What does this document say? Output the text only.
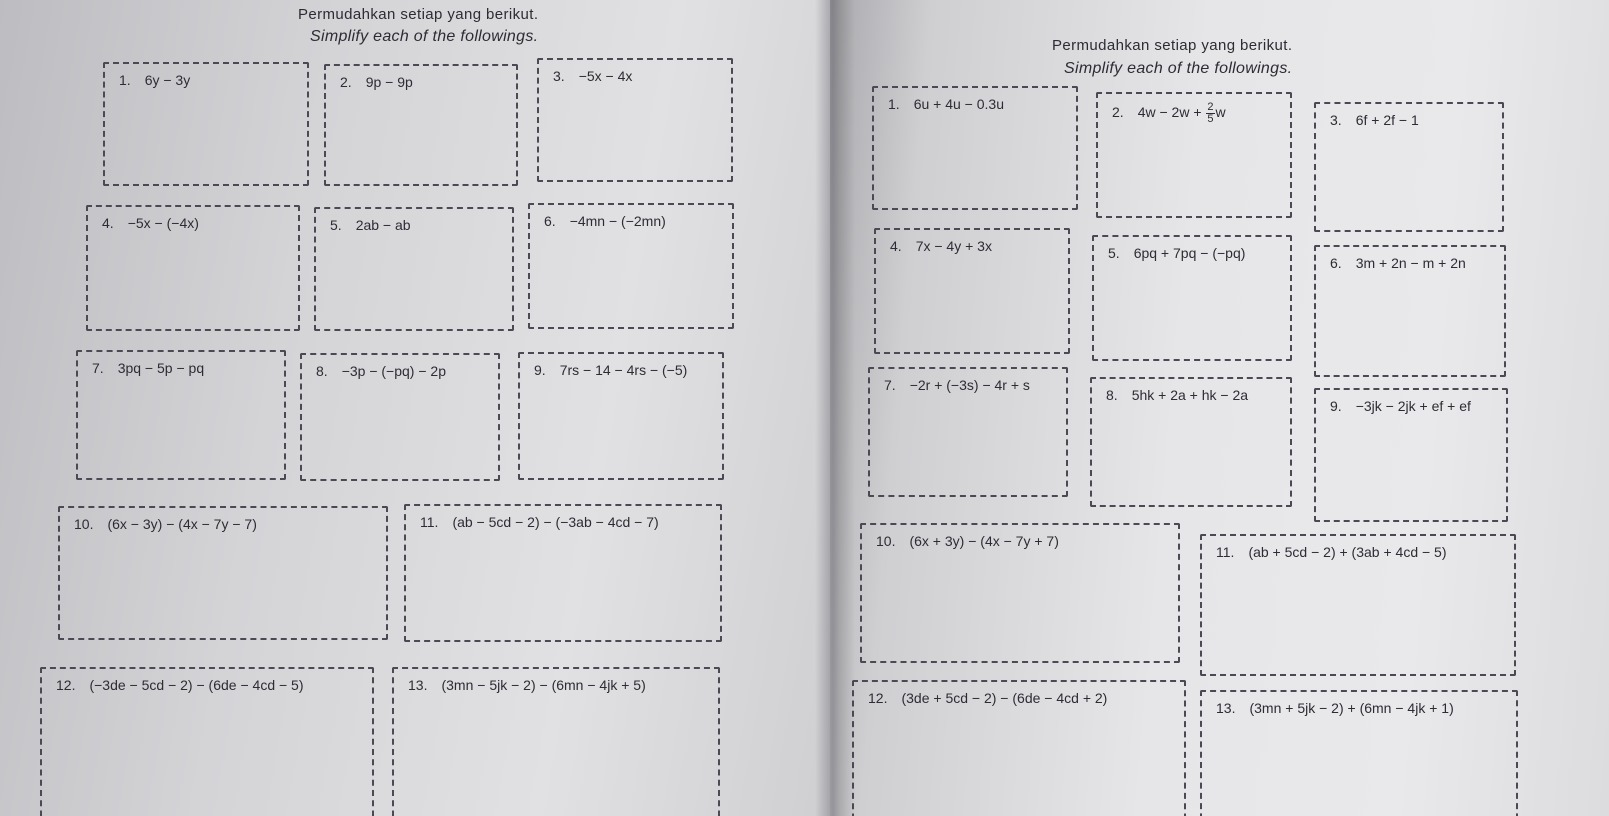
Permudahkan setiap yang berikut.
Simplify each of the followings.
1. 6y − 3y	2. 9p − 9p	3. −5x − 4x
4. −5x − (−4x)	5. 2ab − ab	6. −4mn − (−2mn)
7. 3pq − 5p − pq	8. −3p − (−pq) − 2p	9. 7rs − 14 − 4rs − (−5)
10. (6x − 3y) − (4x − 7y − 7)	11. (ab − 5cd − 2) − (−3ab − 4cd − 7)
12. (−3de − 5cd − 2) − (6de − 4cd − 5)	13. (3mn − 5jk − 2) − (6mn − 4jk + 5)
Permudahkan setiap yang berikut.
Simplify each of the followings.
1. 6u + 4u − 0.3u
2. $4w - 2w + \frac{2}{5}$ w	3. 6f + 2f − 1
4. 7x − 4y + 3x	5. 6pq + 7pq − (−pq)
6. 3m + 2n − m + 2n
7. −2r + (−3s) − 4r + s
8. 5hk + 2a + hk − 2a
9. −3jk − 2jk + ef + ef
10. (6x + 3y) − (4x − 7y + 7)
11. (ab + 5cd − 2) + (3ab + 4cd − 5)
12. (3de + 5cd − 2) − (6de − 4cd + 2)
13. (3mn + 5jk − 2) + (6mn − 4jk + 1)
